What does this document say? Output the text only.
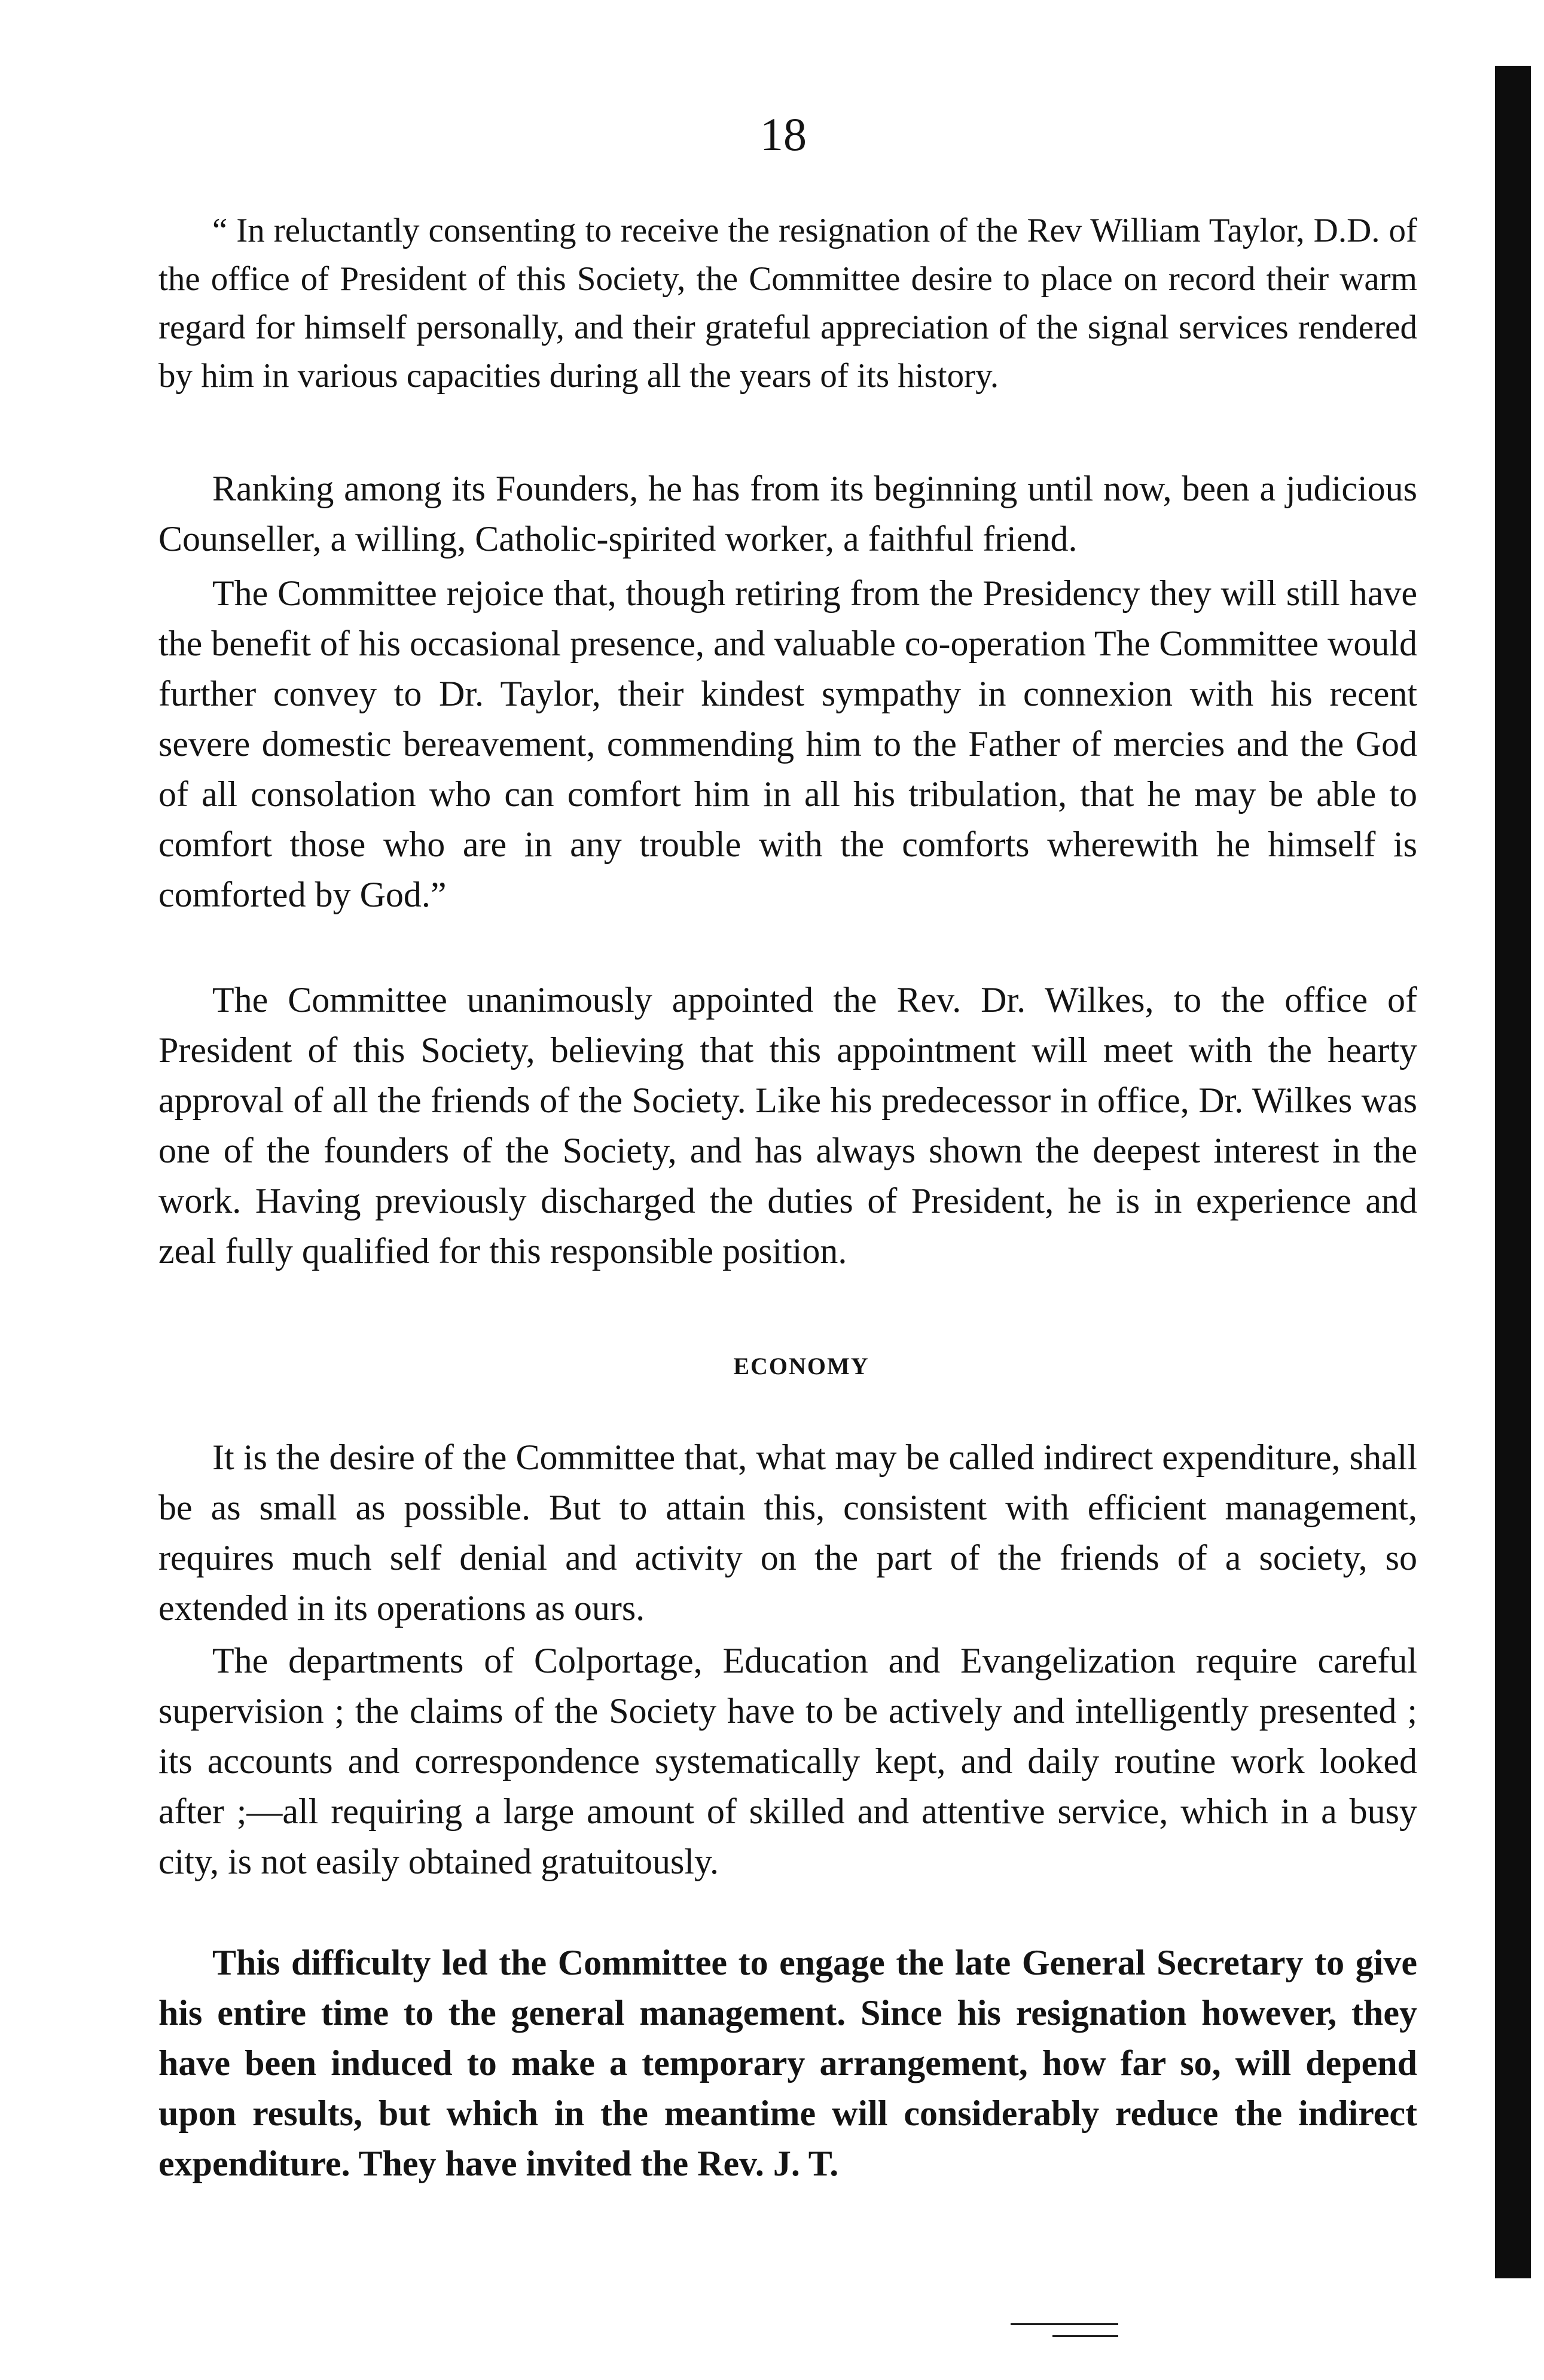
18

“ In reluctantly consenting to receive the resignation of the Rev William Taylor, D.D. of the office of President of this Society, the Committee desire to place on record their warm regard for himself personally, and their grateful appreciation of the signal services rendered by him in various capacities during all the years of its history.

Ranking among its Founders, he has from its beginning until now, been a judicious Counseller, a willing, Catholic-spirited worker, a faithful friend.

The Committee rejoice that, though retiring from the Presidency they will still have the benefit of his occasional presence, and valuable co-operation The Committee would further convey to Dr. Taylor, their kindest sympathy in connexion with his recent severe domestic bereavement, commending him to the Father of mercies and the God of all consolation who can comfort him in all his tribulation, that he may be able to comfort those who are in any trouble with the comforts wherewith he himself is comforted by God.”

The Committee unanimously appointed the Rev. Dr. Wilkes, to the office of President of this Society, believing that this appointment will meet with the hearty approval of all the friends of the Society. Like his predecessor in office, Dr. Wilkes was one of the founders of the Society, and has always shown the deepest interest in the work. Having previously discharged the duties of President, he is in experience and zeal fully qualified for this responsible position.

ECONOMY

It is the desire of the Committee that, what may be called indirect expenditure, shall be as small as possible. But to attain this, consistent with efficient management, requires much self denial and activity on the part of the friends of a society, so extended in its operations as ours.

The departments of Colportage, Education and Evangelization require careful supervision ; the claims of the Society have to be actively and intelligently presented ; its accounts and correspondence systematically kept, and daily routine work looked after ;—all requiring a large amount of skilled and attentive service, which in a busy city, is not easily obtained gratuitously.

This difficulty led the Committee to engage the late General Secretary to give his entire time to the general management. Since his resignation however, they have been induced to make a temporary arrangement, how far so, will depend upon results, but which in the meantime will considerably reduce the indirect expenditure. They have invited the Rev. J. T.
